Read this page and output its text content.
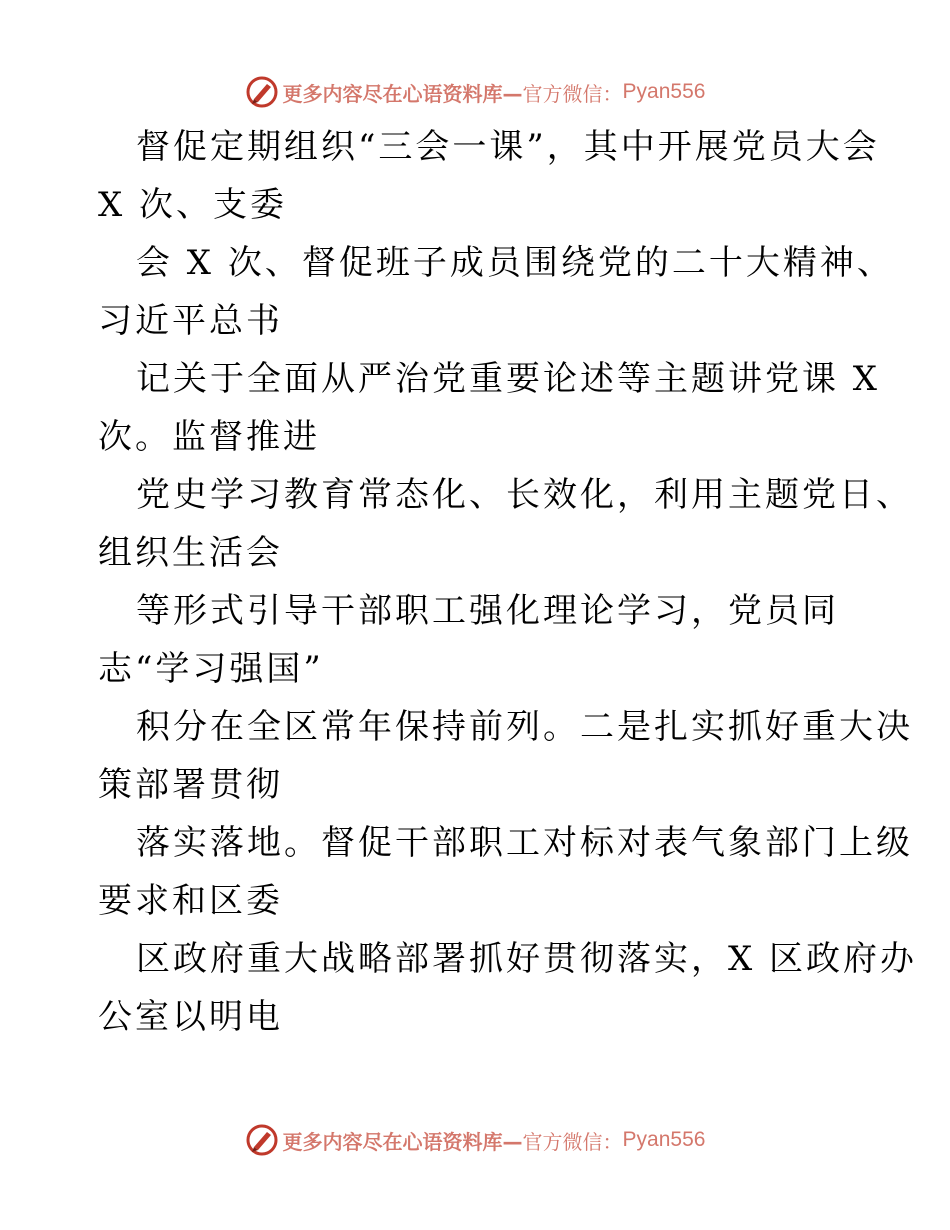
更多内容尽在心语资料库— 官方微信： Pyan556
督促定期组织“三会一课”，其中开展党员大会
X 次、支委
会 X 次、督促班子成员围绕党的二十大精神、
习近平总书
记关于全面从严治党重要论述等主题讲党课 X
次。监督推进
党史学习教育常态化、长效化，利用主题党日、
组织生活会
等形式引导干部职工强化理论学习，党员同
志“学习强国”
积分在全区常年保持前列。二是扎实抓好重大决
策部署贯彻
落实落地。督促干部职工对标对表气象部门上级
要求和区委
区政府重大战略部署抓好贯彻落实，X 区政府办
公室以明电
更多内容尽在心语资料库— 官方微信： Pyan556
